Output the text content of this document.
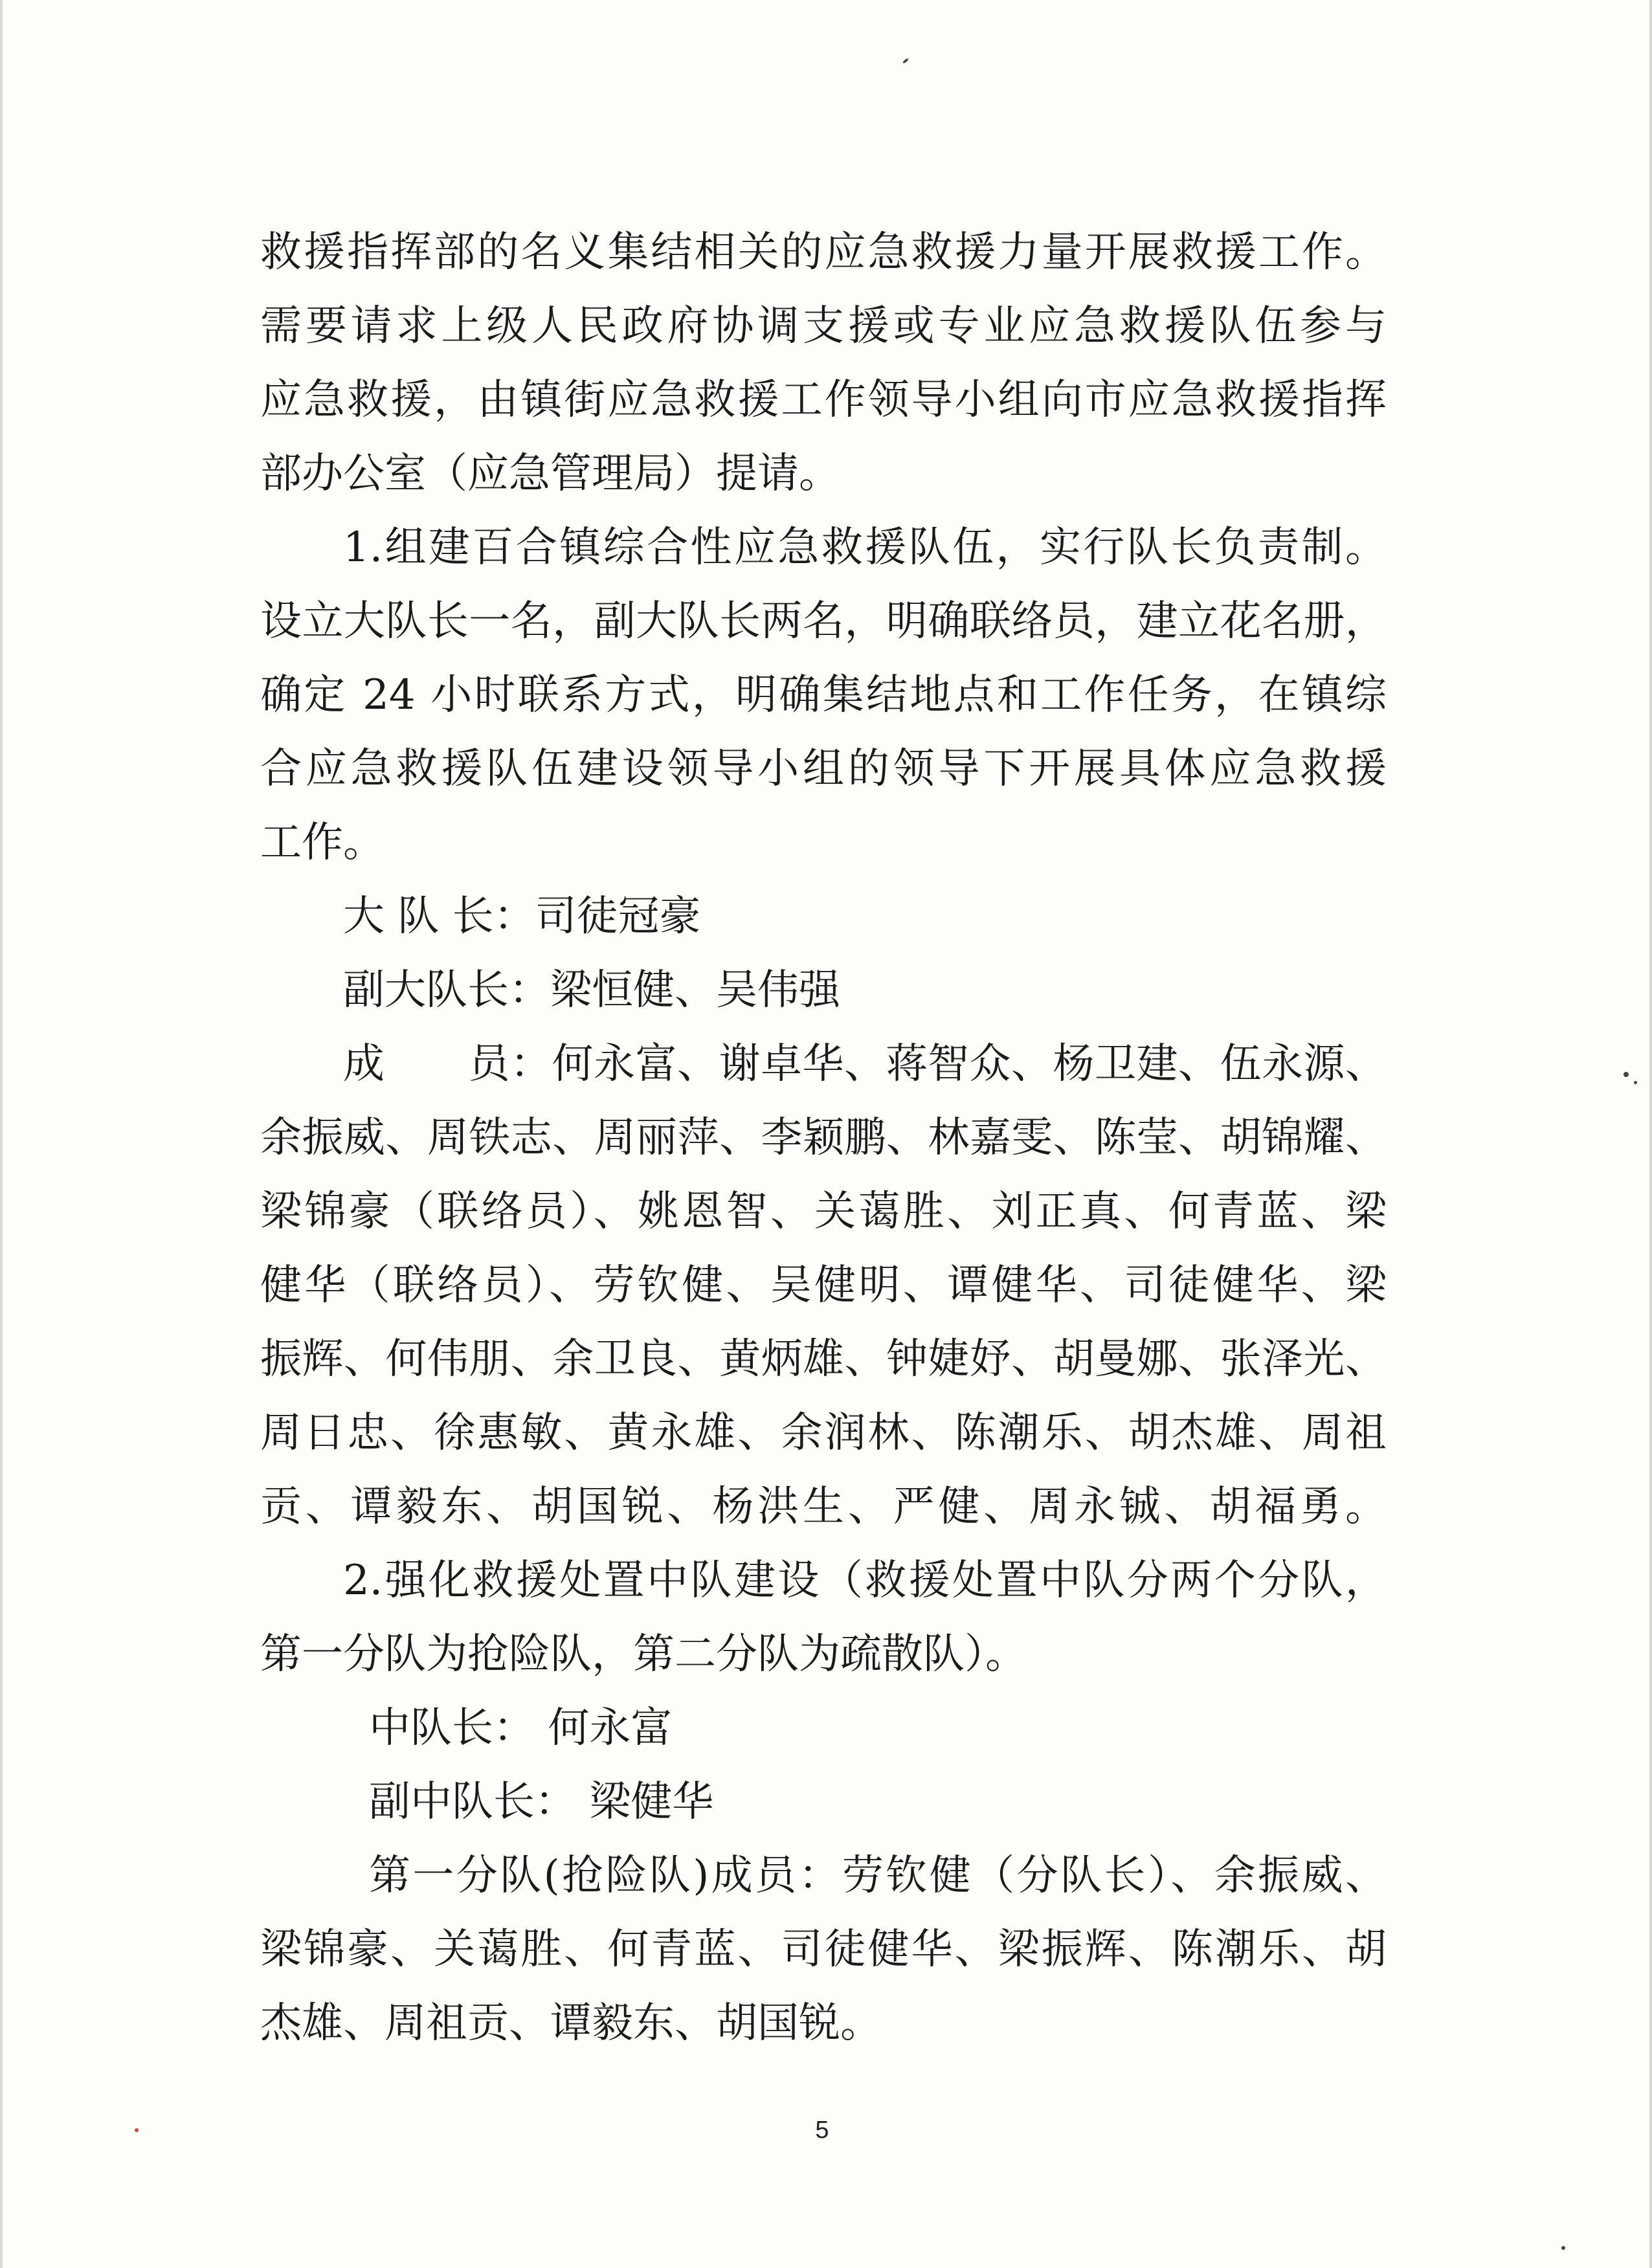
救援指挥部的名义集结相关的应急救援力量开展救援工作。
需要请求上级人民政府协调支援或专业应急救援队伍参与
应急救援，由镇街应急救援工作领导小组向市应急救援指挥
部办公室（应急管理局）提请。
1.组建百合镇综合性应急救援队伍，实行队长负责制。
设立大队长一名，副大队长两名，明确联络员，建立花名册，
确定 24 小时联系方式，明确集结地点和工作任务，在镇综
合应急救援队伍建设领导小组的领导下开展具体应急救援
工作。
大 队 长：司徒冠豪
副大队长：梁恒健、吴伟强
成　　员：何永富、谢卓华、蒋智众、杨卫建、伍永源、
余振威、周铁志、周丽萍、李颖鹏、林嘉雯、陈莹、胡锦耀、
梁锦豪（联络员）、姚恩智、关蔼胜、刘正真、何青蓝、梁
健华（联络员）、劳钦健、吴健明、谭健华、司徒健华、梁
振辉、何伟朋、余卫良、黄炳雄、钟婕妤、胡曼娜、张泽光、
周日忠、徐惠敏、黄永雄、余润林、陈潮乐、胡杰雄、周祖
贡、谭毅东、胡国锐、杨洪生、严健、周永铖、胡福勇。
2.强化救援处置中队建设（救援处置中队分两个分队，
第一分队为抢险队，第二分队为疏散队）。
中队长： 何永富
副中队长： 梁健华
第一分队(抢险队)成员：劳钦健（分队长）、余振威、
梁锦豪、关蔼胜、何青蓝、司徒健华、梁振辉、陈潮乐、胡
杰雄、周祖贡、谭毅东、胡国锐。
5
